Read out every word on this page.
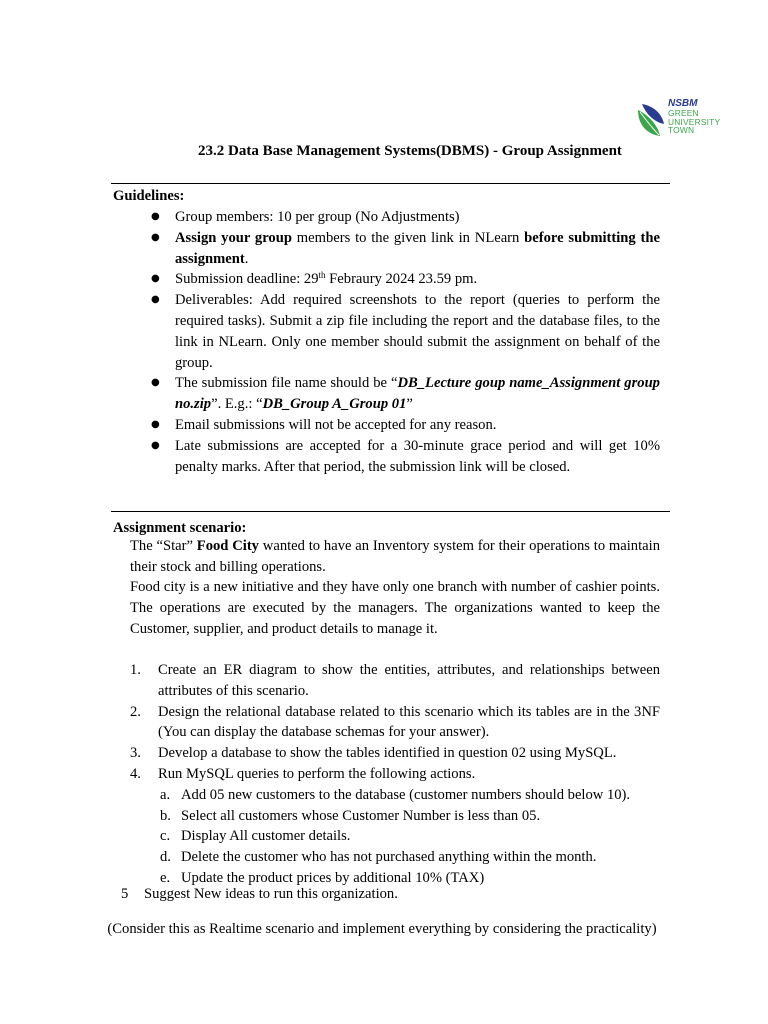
NSBM
GREEN
UNIVERSITY
TOWN
23.2 Data Base Management Systems(DBMS) - Group Assignment
Guidelines:
● Group members: 10 per group (No Adjustments)
● Assign your group members to the given link in NLearn before submitting the assignment.
● Submission deadline: 29th Febraury 2024 23.59 pm.
● Deliverables: Add required screenshots to the report (queries to perform the required tasks). Submit a zip file including the report and the database files, to the link in NLearn. Only one member should submit the assignment on behalf of the group.
● The submission file name should be “DB_Lecture goup name_Assignment group no.zip”. E.g.: “DB_Group A_Group 01”
● Email submissions will not be accepted for any reason.
● Late submissions are accepted for a 30-minute grace period and will get 10% penalty marks. After that period, the submission link will be closed.
Assignment scenario:
The “Star” Food City wanted to have an Inventory system for their operations to maintain their stock and billing operations.
Food city is a new initiative and they have only one branch with number of cashier points. The operations are executed by the managers. The organizations wanted to keep the Customer, supplier, and product details to manage it.
1. Create an ER diagram to show the entities, attributes, and relationships between attributes of this scenario.
2. Design the relational database related to this scenario which its tables are in the 3NF (You can display the database schemas for your answer).
3. Develop a database to show the tables identified in question 02 using MySQL.
4. Run MySQL queries to perform the following actions.
a. Add 05 new customers to the database (customer numbers should below 10).
b. Select all customers whose Customer Number is less than 05.
c. Display All customer details.
d. Delete the customer who has not purchased anything within the month.
e. Update the product prices by additional 10% (TAX)
5 Suggest New ideas to run this organization.
(Consider this as Realtime scenario and implement everything by considering the practicality)
